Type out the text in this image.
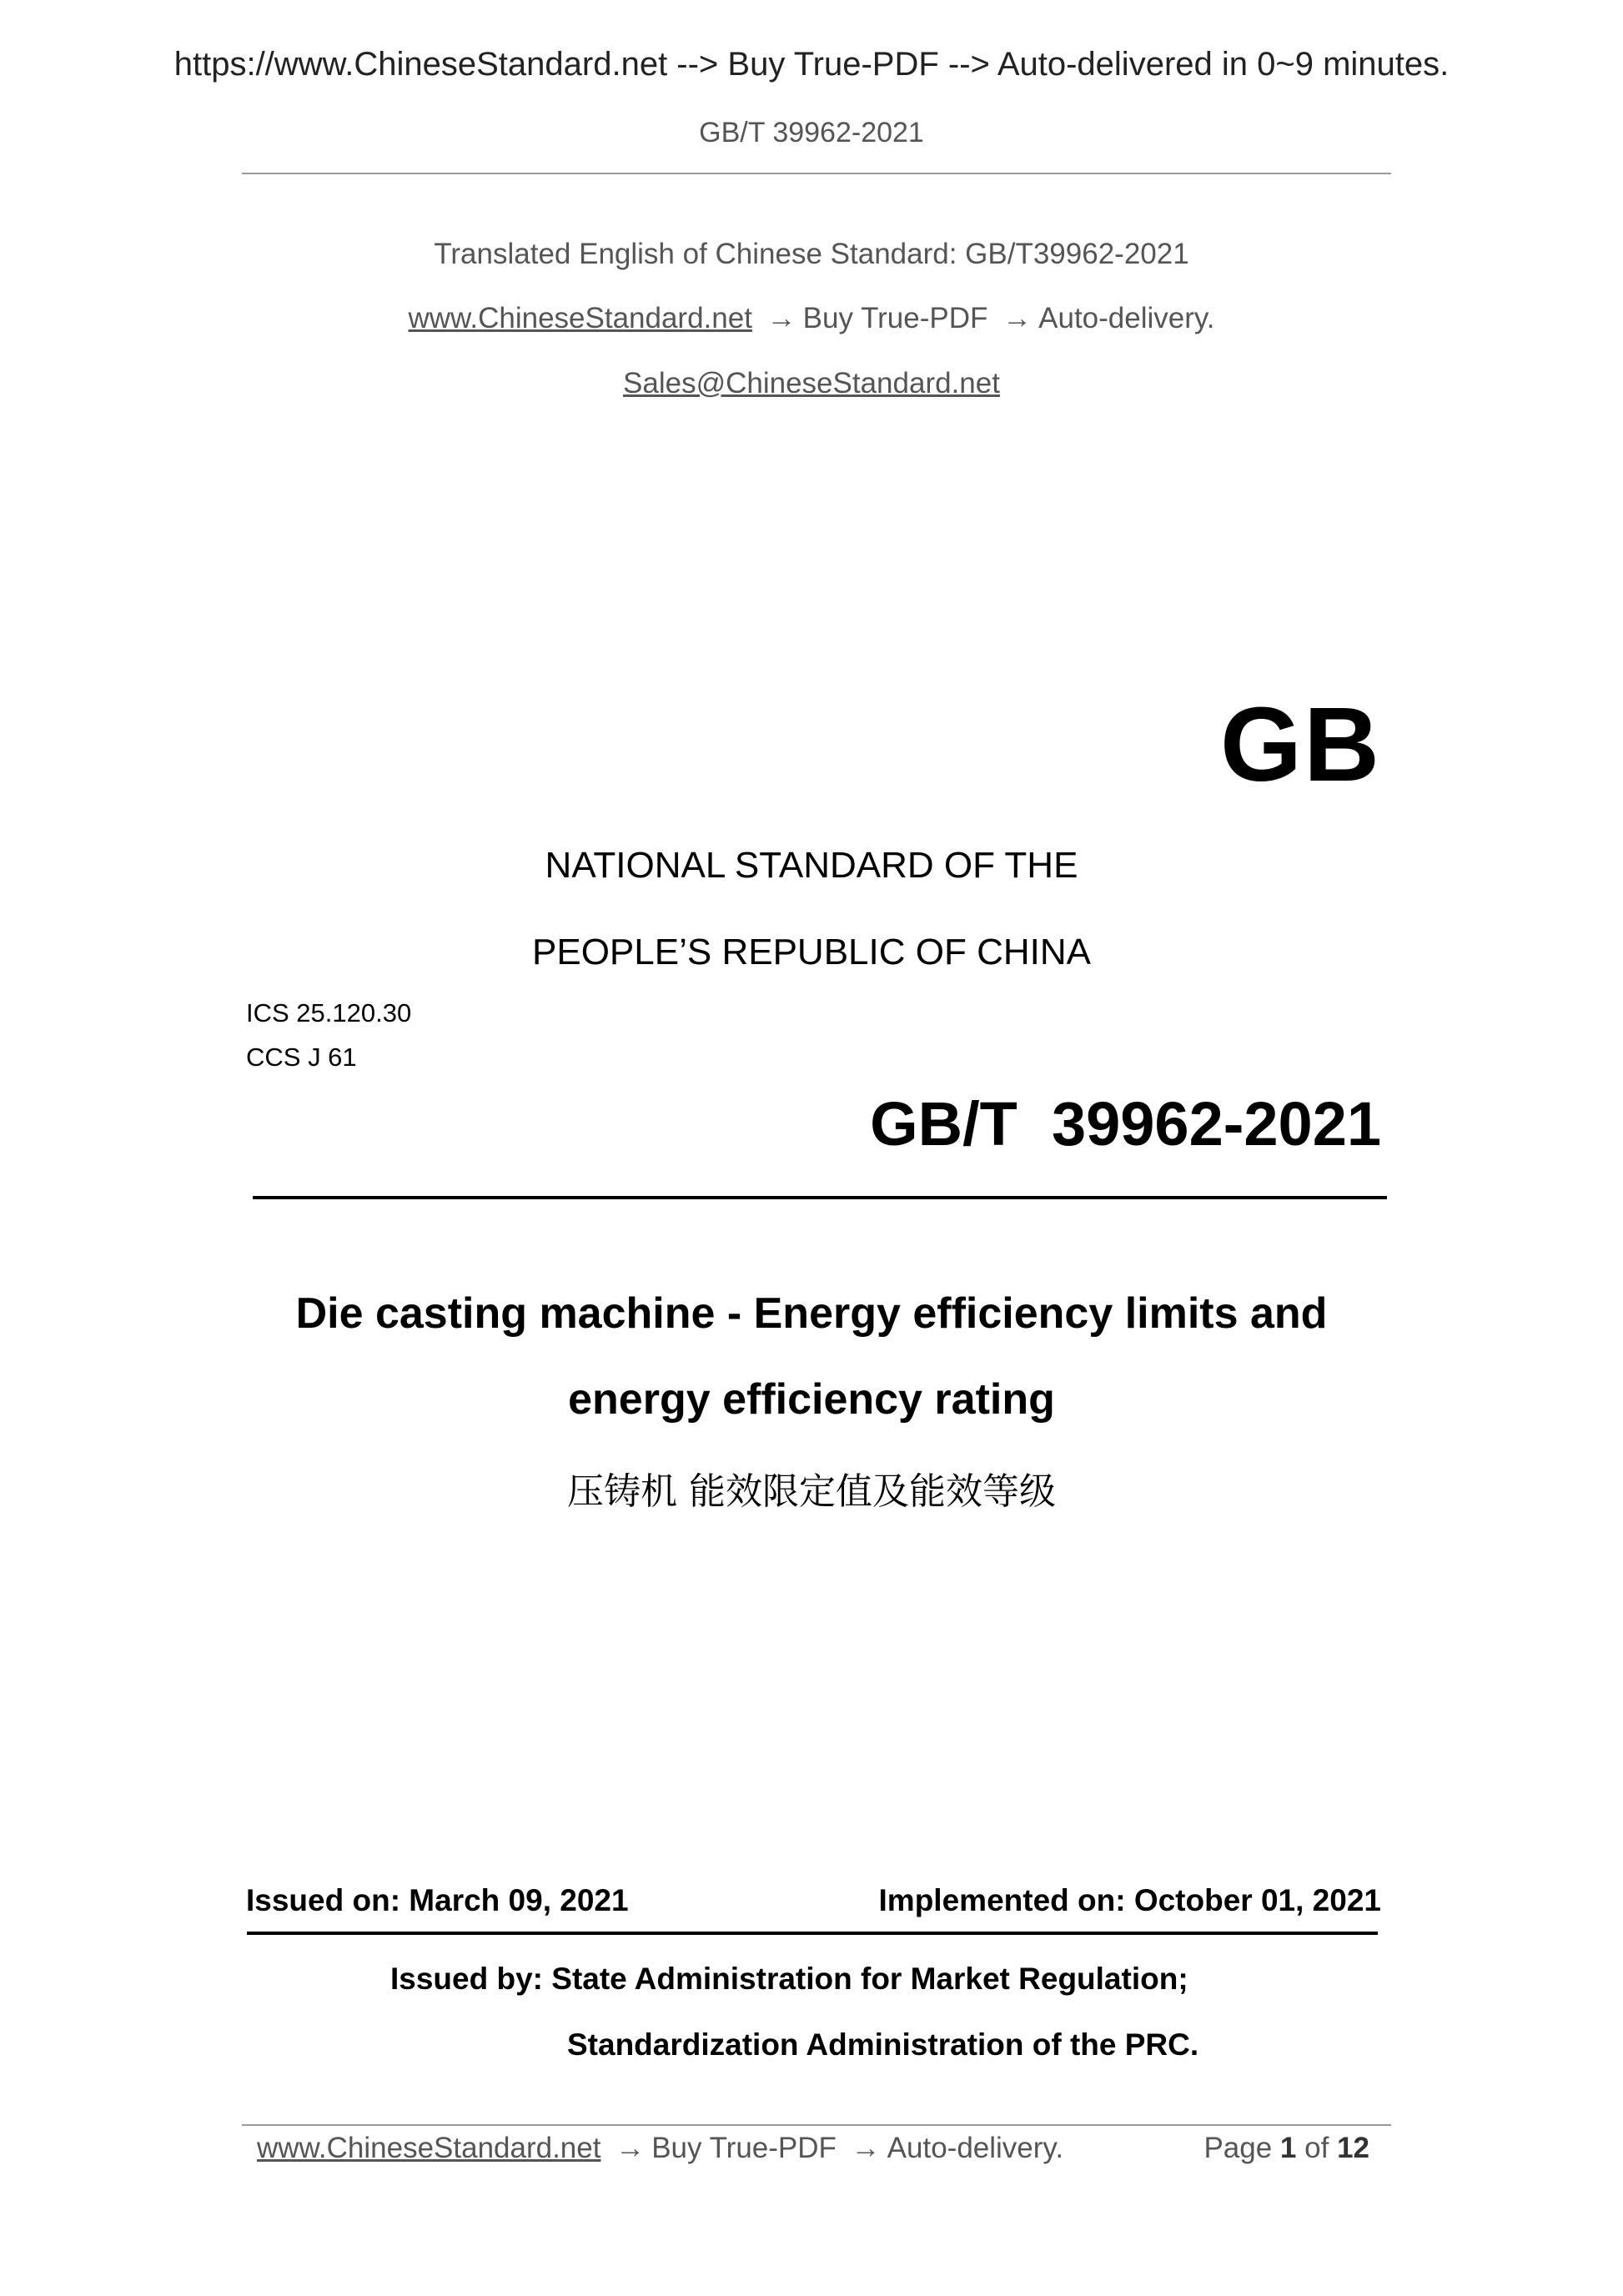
https://www.ChineseStandard.net --> Buy True-PDF --> Auto-delivered in 0~9 minutes.
GB/T 39962-2021
Translated English of Chinese Standard: GB/T39962-2021
www.ChineseStandard.net → Buy True-PDF → Auto-delivery.
Sales@ChineseStandard.net
GB
NATIONAL STANDARD OF THE
PEOPLE’S REPUBLIC OF CHINA
ICS 25.120.30
CCS J 61
GB/T  39962-2021
Die casting machine - Energy efficiency limits and
energy efficiency rating
压铸机 能效限定值及能效等级
Issued on: March 09, 2021	Implemented on: October 01, 2021
Issued by: State Administration for Market Regulation;
Standardization Administration of the PRC.
www.ChineseStandard.net → Buy True-PDF → Auto-delivery.	Page 1 of 12
